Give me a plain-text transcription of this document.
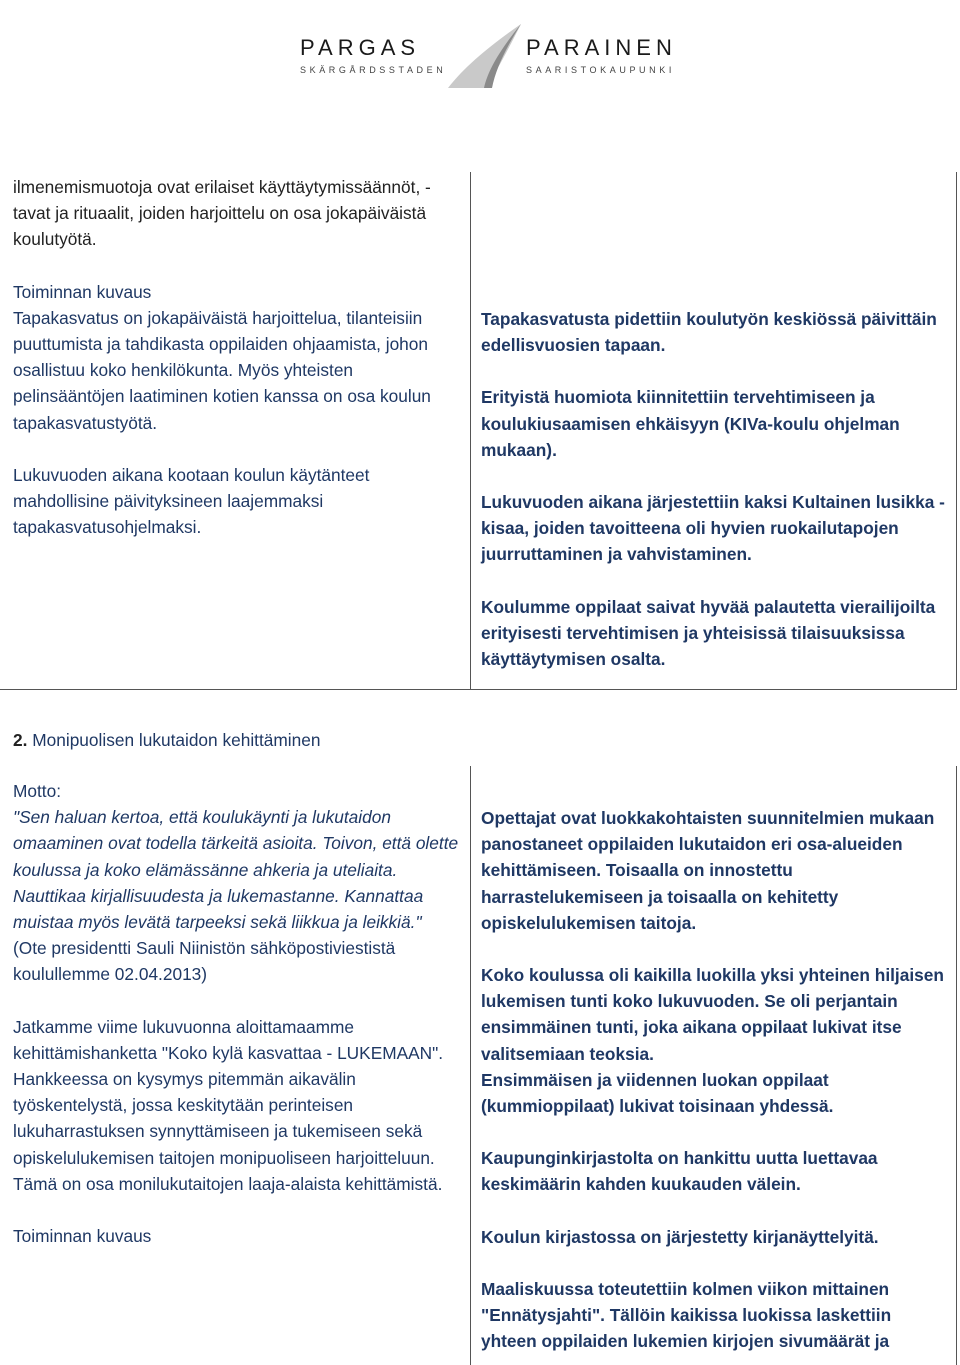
PARGAS
SKÄRGÅRDSSTADEN
PARAINEN
SAARISTOKAUPUNKI

ilmenemismuotoja ovat erilaiset käyttäytymissäännöt, -tavat ja rituaalit, joiden harjoittelu on osa jokapäiväistä koulutyötä.

Toiminnan kuvaus

Tapakasvatus on jokapäiväistä harjoittelua, tilanteisiin puuttumista ja tahdikasta oppilaiden ohjaamista, johon osallistuu koko henkilökunta. Myös yhteisten pelinsääntöjen laatiminen kotien kanssa on osa koulun tapakasvatustyötä.

Lukuvuoden aikana kootaan koulun käytänteet mahdollisine päivityksineen laajemmaksi tapakasvatusohjelmaksi.

Tapakasvatusta pidettiin koulutyön keskiössä päivittäin edellisvuosien tapaan.

Erityistä huomiota kiinnitettiin tervehtimiseen ja koulukiusaamisen ehkäisyyn (KIVa-koulu ohjelman mukaan).

Lukuvuoden aikana järjestettiin kaksi Kultainen lusikka -kisaa, joiden tavoitteena oli hyvien ruokailutapojen juurruttaminen ja vahvistaminen.

Koulumme oppilaat saivat hyvää palautetta vierailijoilta erityisesti tervehtimisen ja yhteisissä tilaisuuksissa käyttäytymisen osalta.

2. Monipuolisen lukutaidon kehittäminen

Motto:

"Sen haluan kertoa, että koulukäynti ja lukutaidon omaaminen ovat todella tärkeitä asioita. Toivon, että olette koulussa ja koko elämässänne ahkeria ja uteliaita. Nauttikaa kirjallisuudesta ja lukemastanne. Kannattaa muistaa myös levätä tarpeeksi sekä liikkua ja leikkiä."

(Ote presidentti Sauli Niinistön sähköpostiviestistä koulullemme 02.04.2013)

Jatkamme viime lukuvuonna aloittamaamme kehittämishanketta "Koko kylä kasvattaa - LUKEMAAN".

Hankkeessa on kysymys pitemmän aikavälin työskentelystä, jossa keskitytään perinteisen lukuharrastuksen synnyttämiseen ja tukemiseen sekä opiskelulukemisen taitojen monipuoliseen harjoitteluun. Tämä on osa monilukutaitojen laaja-alaista kehittämistä.

Toiminnan kuvaus

Opettajat ovat luokkakohtaisten suunnitelmien mukaan panostaneet oppilaiden lukutaidon eri osa-alueiden kehittämiseen. Toisaalla on innostettu harrastelukemiseen ja toisaalla on kehitetty opiskelulukemisen taitoja.

Koko koulussa oli kaikilla luokilla yksi yhteinen hiljaisen lukemisen tunti koko lukuvuoden. Se oli perjantain ensimmäinen tunti, joka aikana oppilaat lukivat itse valitsemiaan teoksia.

Ensimmäisen ja viidennen luokan oppilaat (kummioppilaat) lukivat toisinaan yhdessä.

Kaupunginkirjastolta on hankittu uutta luettavaa keskimäärin kahden kuukauden välein.

Koulun kirjastossa on järjestetty kirjanäyttelyitä.

Maaliskuussa toteutettiin kolmen viikon mittainen "Ennätysjahti". Tällöin kaikissa luokissa laskettiin yhteen oppilaiden lukemien kirjojen sivumäärät ja
